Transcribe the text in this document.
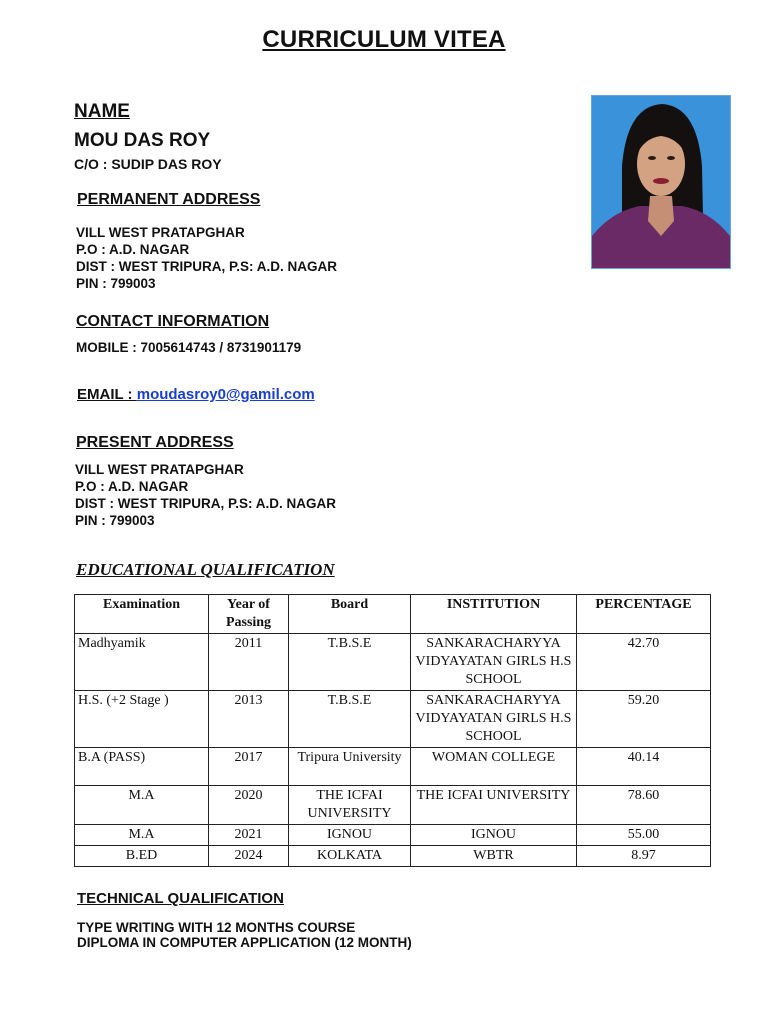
CURRICULUM VITEA
NAME
MOU DAS ROY
C/O : SUDIP DAS ROY
PERMANENT ADDRESS
VILL WEST PRATAPGHAR
P.O : A.D. NAGAR
DIST : WEST TRIPURA, P.S: A.D. NAGAR
PIN : 799003
CONTACT INFORMATION
MOBILE : 7005614743 / 8731901179
EMAIL : moudasroy0@gamil.com
PRESENT ADDRESS
VILL WEST PRATAPGHAR
P.O : A.D. NAGAR
DIST : WEST TRIPURA, P.S: A.D. NAGAR
PIN : 799003
EDUCATIONAL QUALIFICATION
Examination	Year of Passing	Board	INSTITUTION	PERCENTAGE
Madhyamik	2011	T.B.S.E	SANKARACHARYYA VIDYAYATAN GIRLS H.S SCHOOL	42.70
H.S. (+2 Stage )	2013	T.B.S.E	SANKARACHARYYA VIDYAYATAN GIRLS H.S SCHOOL	59.20
B.A (PASS)	2017	Tripura University	WOMAN COLLEGE	40.14
M.A	2020	THE ICFAI UNIVERSITY	THE ICFAI UNIVERSITY	78.60
M.A	2021	IGNOU	IGNOU	55.00
B.ED	2024	KOLKATA	WBTR	8.97
TECHNICAL QUALIFICATION
TYPE WRITING WITH 12 MONTHS COURSE
DIPLOMA IN COMPUTER APPLICATION (12 MONTH)
